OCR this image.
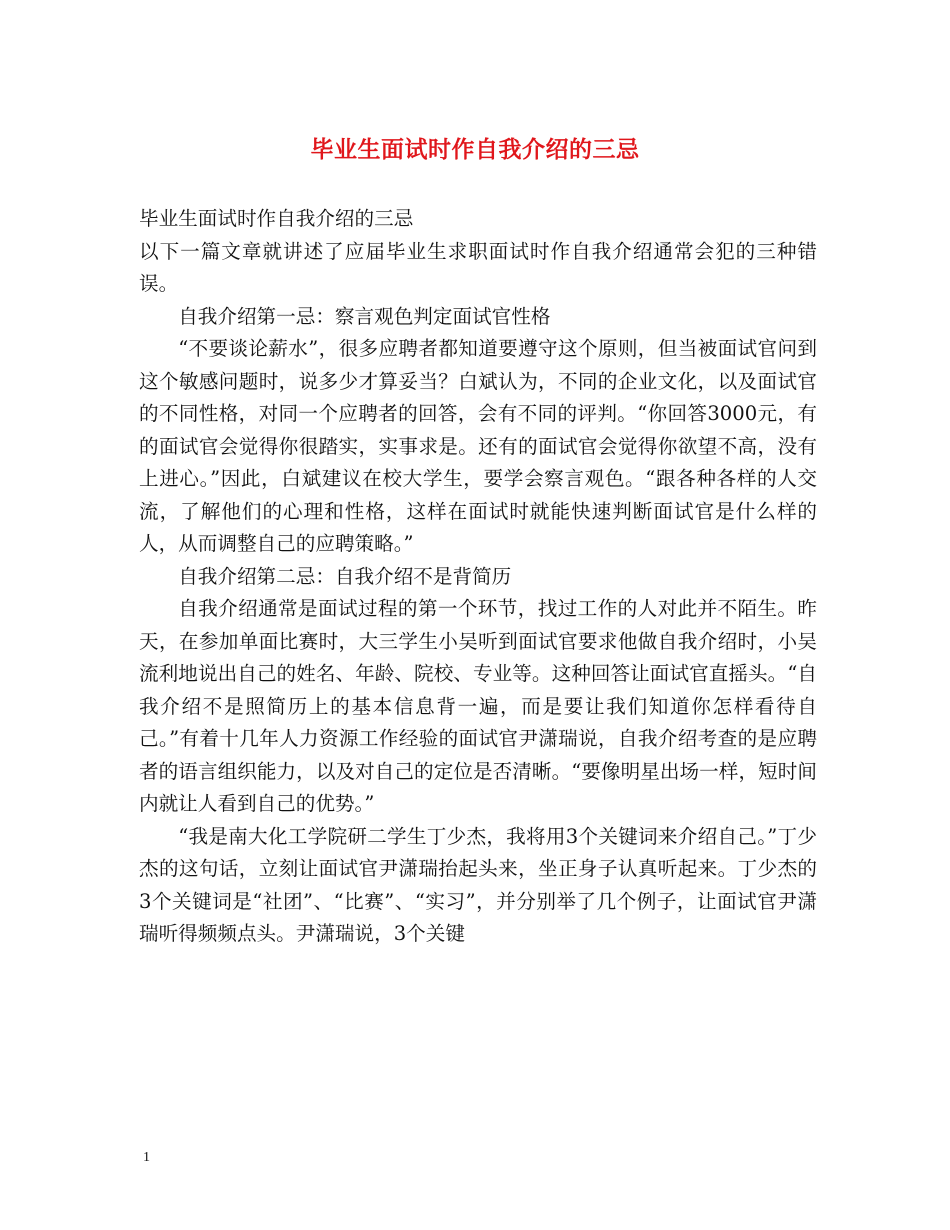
毕业生面试时作自我介绍的三忌

毕业生面试时作自我介绍的三忌

以下一篇文章就讲述了应届毕业生求职面试时作自我介绍通常会犯的三种错误。

自我介绍第一忌：察言观色判定面试官性格

“不要谈论薪水”，很多应聘者都知道要遵守这个原则，但当被面试官问到这个敏感问题时，说多少才算妥当？白斌认为，不同的企业文化，以及面试官的不同性格，对同一个应聘者的回答，会有不同的评判。“你回答3000元，有的面试官会觉得你很踏实，实事求是。还有的面试官会觉得你欲望不高，没有上进心。”因此，白斌建议在校大学生，要学会察言观色。“跟各种各样的人交流，了解他们的心理和性格，这样在面试时就能快速判断面试官是什么样的人，从而调整自己的应聘策略。”

自我介绍第二忌：自我介绍不是背简历

自我介绍通常是面试过程的第一个环节，找过工作的人对此并不陌生。昨天，在参加单面比赛时，大三学生小吴听到面试官要求他做自我介绍时，小吴流利地说出自己的姓名、年龄、院校、专业等。这种回答让面试官直摇头。“自我介绍不是照简历上的基本信息背一遍，而是要让我们知道你怎样看待自己。”有着十几年人力资源工作经验的面试官尹潇瑞说，自我介绍考查的是应聘者的语言组织能力，以及对自己的定位是否清晰。“要像明星出场一样，短时间内就让人看到自己的优势。”

“我是南大化工学院研二学生丁少杰，我将用3个关键词来介绍自己。”丁少杰的这句话，立刻让面试官尹潇瑞抬起头来，坐正身子认真听起来。丁少杰的3个关键词是“社团”、“比赛”、“实习”，并分别举了几个例子，让面试官尹潇瑞听得频频点头。尹潇瑞说，3个关键

1
